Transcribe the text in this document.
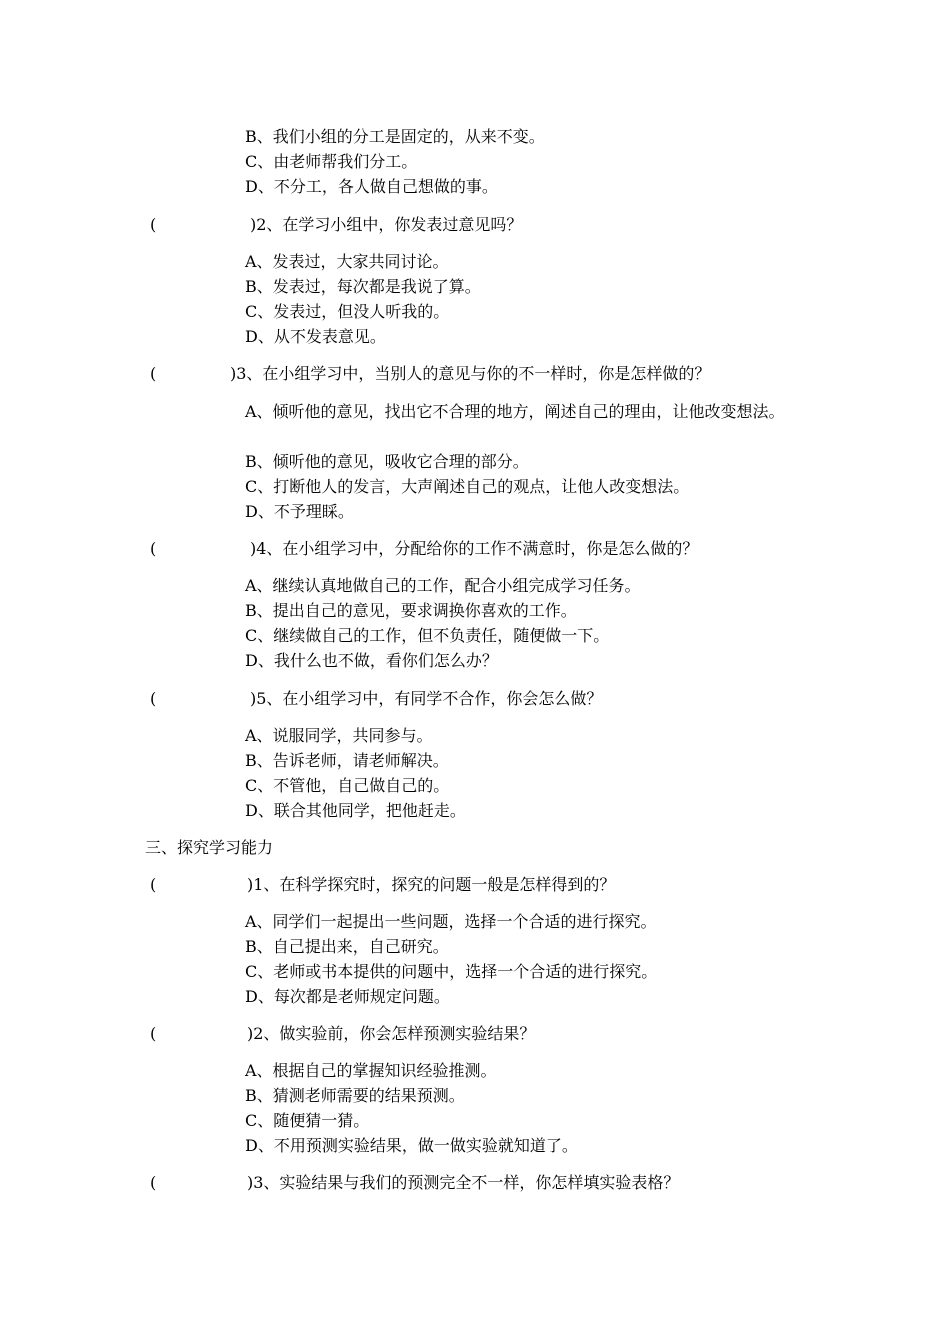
B、我们小组的分工是固定的，从来不变。
C、由老师帮我们分工。
D、不分工，各人做自己想做的事。
(	)2、在学习小组中，你发表过意见吗？
A、发表过，大家共同讨论。
B、发表过，每次都是我说了算。
C、发表过，但没人听我的。
D、从不发表意见。
(	)3、在小组学习中，当别人的意见与你的不一样时，你是怎样做的？
A、倾听他的意见，找出它不合理的地方，阐述自己的理由，让他改变想法。
B、倾听他的意见，吸收它合理的部分。
C、打断他人的发言，大声阐述自己的观点，让他人改变想法。
D、不予理睬。
(	)4、在小组学习中，分配给你的工作不满意时，你是怎么做的？
A、继续认真地做自己的工作，配合小组完成学习任务。
B、提出自己的意见，要求调换你喜欢的工作。
C、继续做自己的工作，但不负责任，随便做一下。
D、我什么也不做，看你们怎么办？
(	)5、在小组学习中，有同学不合作，你会怎么做？
A、说服同学，共同参与。
B、告诉老师，请老师解决。
C、不管他，自己做自己的。
D、联合其他同学，把他赶走。
三、探究学习能力
(	)1、在科学探究时，探究的问题一般是怎样得到的？
A、同学们一起提出一些问题，选择一个合适的进行探究。
B、自己提出来，自己研究。
C、老师或书本提供的问题中，选择一个合适的进行探究。
D、每次都是老师规定问题。
(	)2、做实验前，你会怎样预测实验结果？
A、根据自己的掌握知识经验推测。
B、猜测老师需要的结果预测。
C、随便猜一猜。
D、不用预测实验结果，做一做实验就知道了。
(	)3、实验结果与我们的预测完全不一样，你怎样填实验表格？
